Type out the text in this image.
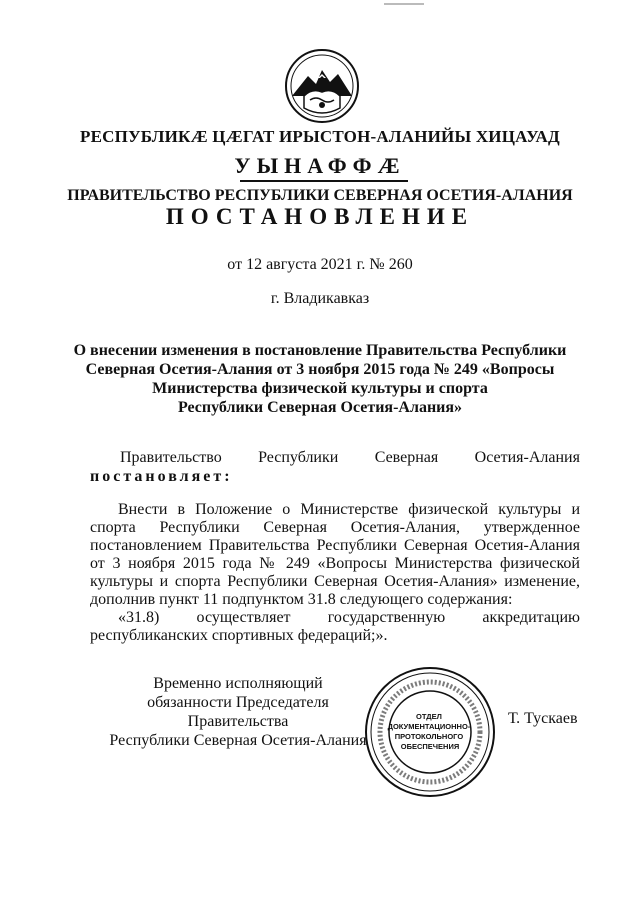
РЕСПУБЛИКӔ ЦӔГАТ ИРЫСТОН-АЛАНИЙЫ ХИЦАУАД
УЫНАФФӔ
ПРАВИТЕЛЬСТВО РЕСПУБЛИКИ СЕВЕРНАЯ ОСЕТИЯ-АЛАНИЯ
ПОСТАНОВЛЕНИЕ
от 12 августа 2021 г. № 260
г. Владикавказ
О внесении изменения в постановление Правительства Республики
Северная Осетия-Алания от 3 ноября 2015 года № 249 «Вопросы
Министерства физической культуры и спорта
Республики Северная Осетия-Алания»
Правительство Республики Северная Осетия-Алания
постановляет:

Внести в Положение о Министерстве физической культуры и спорта Республики Северная Осетия-Алания, утвержденное постановлением Правительства Республики Северная Осетия-Алания от 3 ноября 2015 года № 249 «Вопросы Министерства физической культуры и спорта Республики Северная Осетия-Алания» изменение, дополнив пункт 11 подпунктом 31.8 следующего содержания:

«31.8) осуществляет государственную аккредитацию республиканских спортивных федераций;».

Временно исполняющий
обязанности Председателя Правительства
Республики Северная Осетия-Алания
ОТДЕЛ ДОКУМЕНТАЦИОННО- ПРОТОКОЛЬНОГО ОБЕСПЕЧЕНИЯ
Т. Тускаев
